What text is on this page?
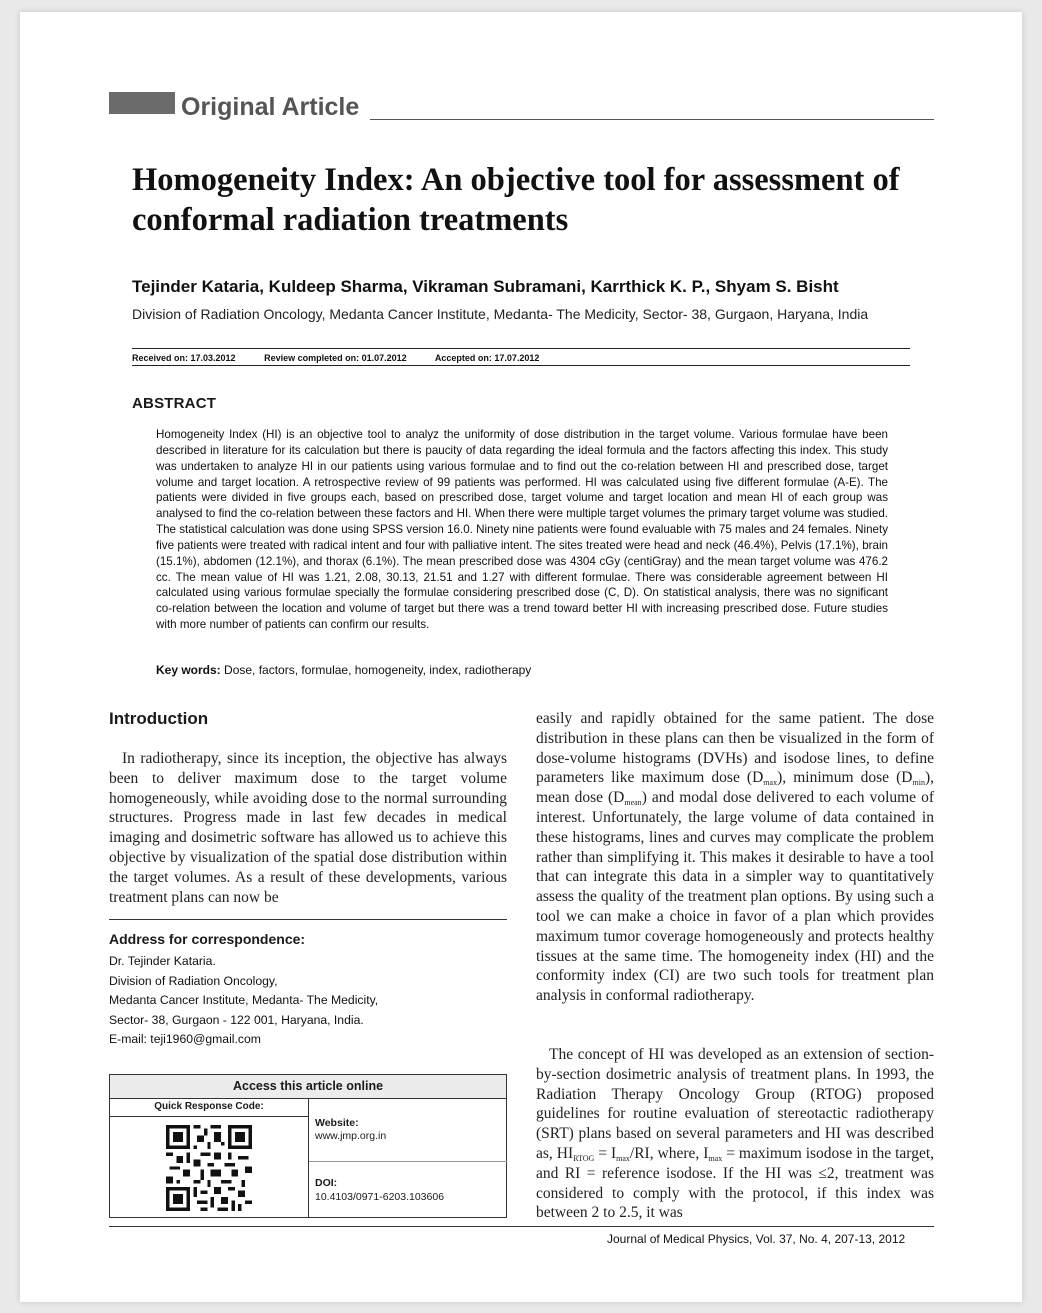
Original Article
Homogeneity Index: An objective tool for assessment of conformal radiation treatments
Tejinder Kataria, Kuldeep Sharma, Vikraman Subramani, Karrthick K. P., Shyam S. Bisht
Division of Radiation Oncology, Medanta Cancer Institute, Medanta- The Medicity, Sector- 38, Gurgaon, Haryana, India
Received on: 17.03.2012	Review completed on: 01.07.2012	Accepted on: 17.07.2012
ABSTRACT
Homogeneity Index (HI) is an objective tool to analyz the uniformity of dose distribution in the target volume. Various formulae have been described in literature for its calculation but there is paucity of data regarding the ideal formula and the factors affecting this index. This study was undertaken to analyze HI in our patients using various formulae and to find out the co-relation between HI and prescribed dose, target volume and target location. A retrospective review of 99 patients was performed. HI was calculated using five different formulae (A-E). The patients were divided in five groups each, based on prescribed dose, target volume and target location and mean HI of each group was analysed to find the co-relation between these factors and HI. When there were multiple target volumes the primary target volume was studied. The statistical calculation was done using SPSS version 16.0. Ninety nine patients were found evaluable with 75 males and 24 females. Ninety five patients were treated with radical intent and four with palliative intent. The sites treated were head and neck (46.4%), Pelvis (17.1%), brain (15.1%), abdomen (12.1%), and thorax (6.1%). The mean prescribed dose was 4304 cGy (centiGray) and the mean target volume was 476.2 cc. The mean value of HI was 1.21, 2.08, 30.13, 21.51 and 1.27 with different formulae. There was considerable agreement between HI calculated using various formulae specially the formulae considering prescribed dose (C, D). On statistical analysis, there was no significant co-relation between the location and volume of target but there was a trend toward better HI with increasing prescribed dose. Future studies with more number of patients can confirm our results.
Key words: Dose, factors, formulae, homogeneity, index, radiotherapy
Introduction
In radiotherapy, since its inception, the objective has always been to deliver maximum dose to the target volume homogeneously, while avoiding dose to the normal surrounding structures. Progress made in last few decades in medical imaging and dosimetric software has allowed us to achieve this objective by visualization of the spatial dose distribution within the target volumes. As a result of these developments, various treatment plans can now be
Address for correspondence:
Dr. Tejinder Kataria.
Division of Radiation Oncology,
Medanta Cancer Institute, Medanta- The Medicity,
Sector- 38, Gurgaon - 122 001, Haryana, India.
E-mail: teji1960@gmail.com
Access this article online
Quick Response Code:
Website:
www.jmp.org.in
DOI:
10.4103/0971-6203.103606
easily and rapidly obtained for the same patient. The dose distribution in these plans can then be visualized in the form of dose-volume histograms (DVHs) and isodose lines, to define parameters like maximum dose $(D_{max})$, minimum dose $(D_{min})$, mean dose $(D_{mean})$ and modal dose delivered to each volume of interest. Unfortunately, the large volume of data contained in these histograms, lines and curves may complicate the problem rather than simplifying it. This makes it desirable to have a tool that can integrate this data in a simpler way to quantitatively assess the quality of the treatment plan options. By using such a tool we can make a choice in favor of a plan which provides maximum tumor coverage homogeneously and protects healthy tissues at the same time. The homogeneity index (HI) and the conformity index (CI) are two such tools for treatment plan analysis in conformal radiotherapy.
The concept of HI was developed as an extension of section-by-section dosimetric analysis of treatment plans. In 1993, the Radiation Therapy Oncology Group (RTOG) proposed guidelines for routine evaluation of stereotactic radiotherapy (SRT) plans based on several parameters and HI was described as, $HI_{RTOG} = I_{max}/RI$, where, $I_{max}$ = maximum isodose in the target, and RI = reference isodose. If the HI was ≤2, treatment was considered to comply with the protocol, if this index was between 2 to 2.5, it was
Journal of Medical Physics, Vol. 37, No. 4, 207-13, 2012
